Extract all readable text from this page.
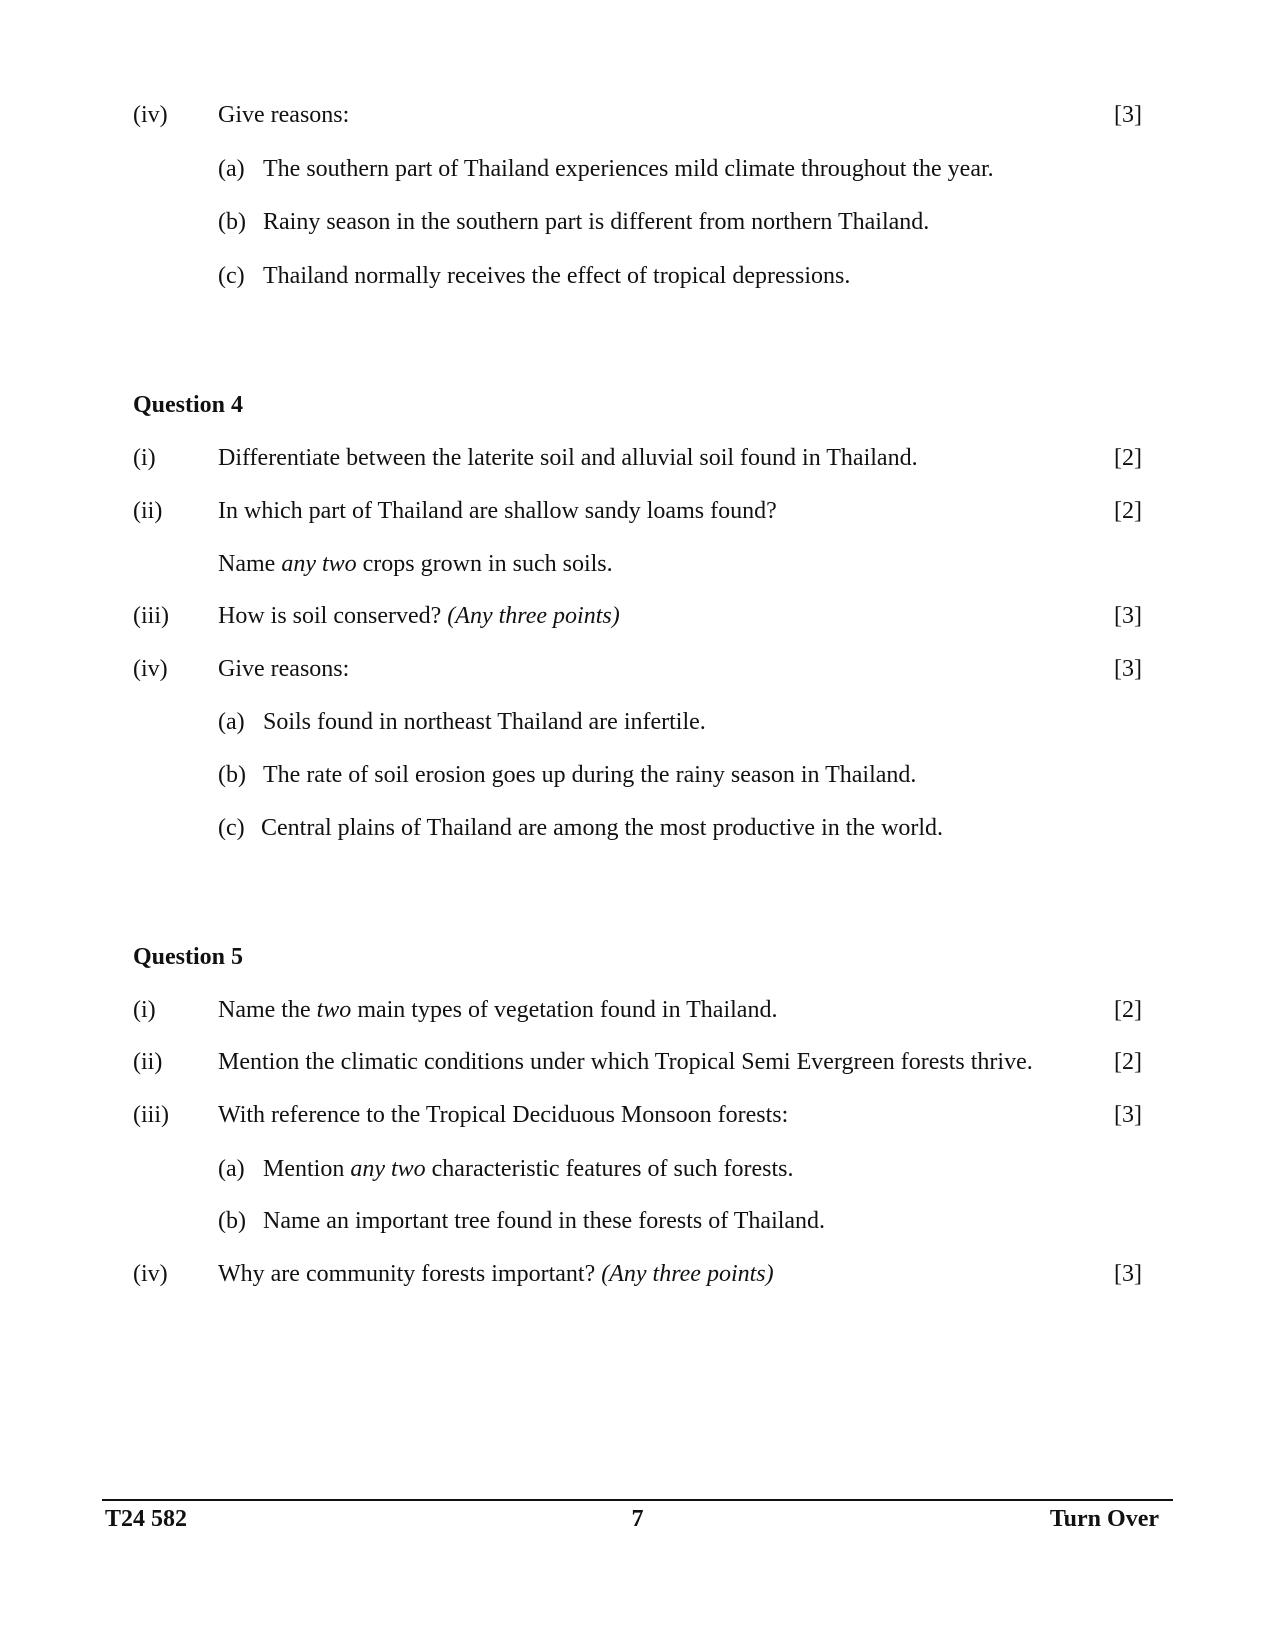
(iv) Give reasons:	[3]
(a) The southern part of Thailand experiences mild climate throughout the year.
(b) Rainy season in the southern part is different from northern Thailand.
(c) Thailand normally receives the effect of tropical depressions.
Question 4
(i)	Differentiate between the laterite soil and alluvial soil found in Thailand.	[2]
(ii) In which part of Thailand are shallow sandy loams found?	[2]
Name any two crops grown in such soils.
(iii) How is soil conserved? (Any three points)	[3]
(iv) Give reasons:	[3]
(a) Soils found in northeast Thailand are infertile.
(b) The rate of soil erosion goes up during the rainy season in Thailand.
(c) Central plains of Thailand are among the most productive in the world.
Question 5
(i)	Name the two main types of vegetation found in Thailand.	[2]
(ii) Mention the climatic conditions under which Tropical Semi Evergreen forests thrive.	[2]
(iii) With reference to the Tropical Deciduous Monsoon forests:	[3]
(a) Mention any two characteristic features of such forests.
(b) Name an important tree found in these forests of Thailand.
(iv) Why are community forests important? (Any three points)	[3]
T24 582	7	Turn Over
